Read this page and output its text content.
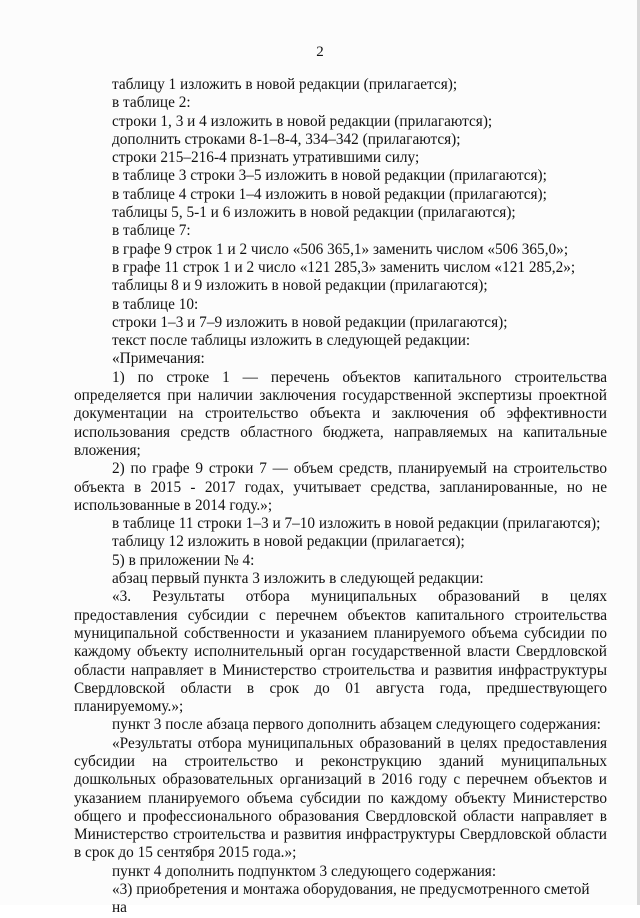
2

таблицу 1 изложить в новой редакции (прилагается);

в таблице 2:

строки 1, 3 и 4 изложить в новой редакции (прилагаются);

дополнить строками 8-1–8-4, 334–342 (прилагаются);

строки 215–216-4 признать утратившими силу;

в таблице 3 строки 3–5 изложить в новой редакции (прилагаются);

в таблице 4 строки 1–4 изложить в новой редакции (прилагаются);

таблицы 5, 5-1 и 6 изложить в новой редакции (прилагаются);

в таблице 7:

в графе 9 строк 1 и 2 число «506 365,1» заменить числом «506 365,0»;

в графе 11 строк 1 и 2 число «121 285,3» заменить числом «121 285,2»;

таблицы 8 и 9 изложить в новой редакции (прилагаются);

в таблице 10:

строки 1–3 и 7–9 изложить в новой редакции (прилагаются);

текст после таблицы изложить в следующей редакции:

«Примечания:

1) по строке 1 — перечень объектов капитального строительства определяется при наличии заключения государственной экспертизы проектной документации на строительство объекта и заключения об эффективности использования средств областного бюджета, направляемых на капитальные вложения;

2) по графе 9 строки 7 — объем средств, планируемый на строительство объекта в 2015 - 2017 годах, учитывает средства, запланированные, но не использованные в 2014 году.»;

в таблице 11 строки 1–3 и 7–10 изложить в новой редакции (прилагаются);

таблицу 12 изложить в новой редакции (прилагается);

5) в приложении № 4:

абзац первый пункта 3 изложить в следующей редакции:

«3. Результаты отбора муниципальных образований в целях предоставления субсидии с перечнем объектов капитального строительства муниципальной собственности и указанием планируемого объема субсидии по каждому объекту исполнительный орган государственной власти Свердловской области направляет в Министерство строительства и развития инфраструктуры Свердловской области в срок до 01 августа года, предшествующего планируемому.»;

пункт 3 после абзаца первого дополнить абзацем следующего содержания:

«Результаты отбора муниципальных образований в целях предоставления субсидии на строительство и реконструкцию зданий муниципальных дошкольных образовательных организаций в 2016 году с перечнем объектов и указанием планируемого объема субсидии по каждому объекту Министерство общего и профессионального образования Свердловской области направляет в Министерство строительства и развития инфраструктуры Свердловской области в срок до 15 сентября 2015 года.»;

пункт 4 дополнить подпунктом 3 следующего содержания:

«3) приобретения и монтажа оборудования, не предусмотренного сметой на
